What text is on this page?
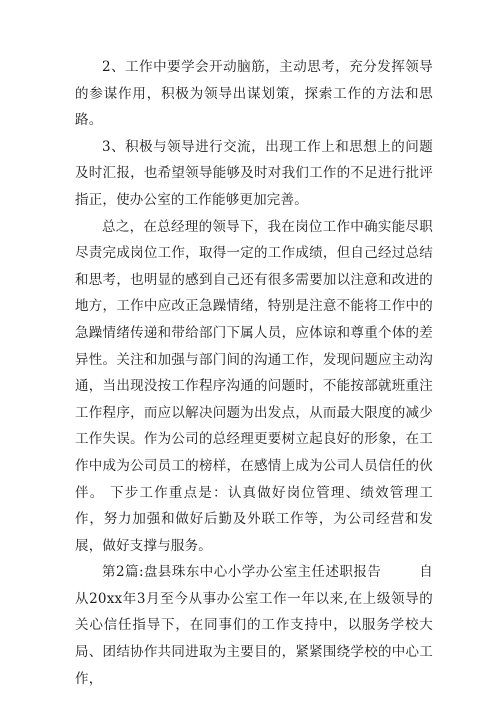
2、工作中要学会开动脑筋，主动思考，充分发挥领导的参谋作用，积极为领导出谋划策，探索工作的方法和思路。

3、积极与领导进行交流，出现工作上和思想上的问题及时汇报，也希望领导能够及时对我们工作的不足进行批评指正，使办公室的工作能够更加完善。

总之，在总经理的领导下，我在岗位工作中确实能尽职尽责完成岗位工作，取得一定的工作成绩，但自己经过总结和思考，也明显的感到自己还有很多需要加以注意和改进的地方，工作中应改正急躁情绪，特别是注意不能将工作中的急躁情绪传递和带给部门下属人员，应体谅和尊重个体的差异性。关注和加强与部门间的沟通工作，发现问题应主动沟通，当出现没按工作程序沟通的问题时，不能按部就班重注工作程序，而应以解决问题为出发点，从而最大限度的减少工作失误。作为公司的总经理更要树立起良好的形象，在工作中成为公司员工的榜样，在感情上成为公司人员信任的伙伴。 下步工作重点是：认真做好岗位管理、绩效管理工作，努力加强和做好后勤及外联工作等，为公司经营和发展，做好支撑与服务。

第2篇:盘县珠东中心小学办公室主任述职报告	自从20xx年3月至今从事办公室工作一年以来,在上级领导的关心信任指导下，在同事们的工作支持中，以服务学校大局、团结协作共同进取为主要目的，紧紧围绕学校的中心工作，
